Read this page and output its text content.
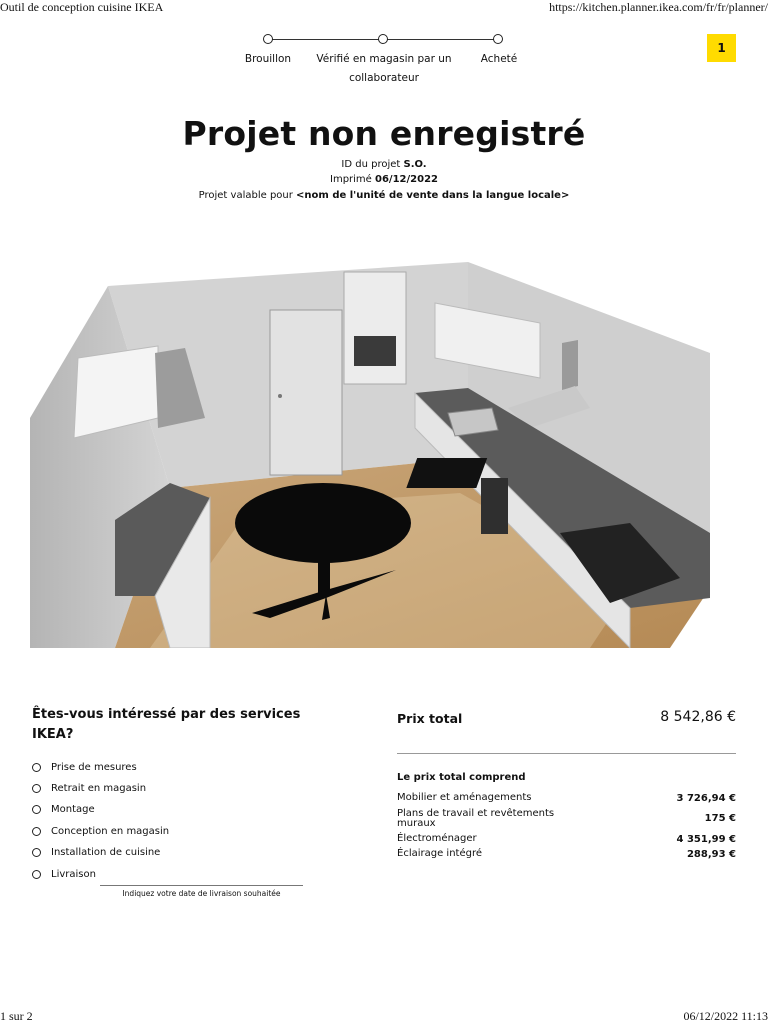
Outil de conception cuisine IKEA	https://kitchen.planner.ikea.com/fr/fr/planner/
Brouillon	Vérifié en magasin par un collaborateur
Acheté
1
Projet non enregistré
ID du projet S.O.
Imprimé 06/12/2022
Projet valable pour <nom de l'unité de vente dans la langue locale>
Êtes-vous intéressé par des services IKEA?
Prise de mesures
Retrait en magasin
Montage
Conception en magasin
Installation de cuisine
Livraison
Indiquez votre date de livraison souhaitée
Prix total	8 542,86 €
Le prix total comprend
Mobilier et aménagements	3 726,94 €
Plans de travail et revêtements muraux	175 €
Électroménager	4 351,99 €
Éclairage intégré	288,93 €
1 sur 2	06/12/2022 11:13
